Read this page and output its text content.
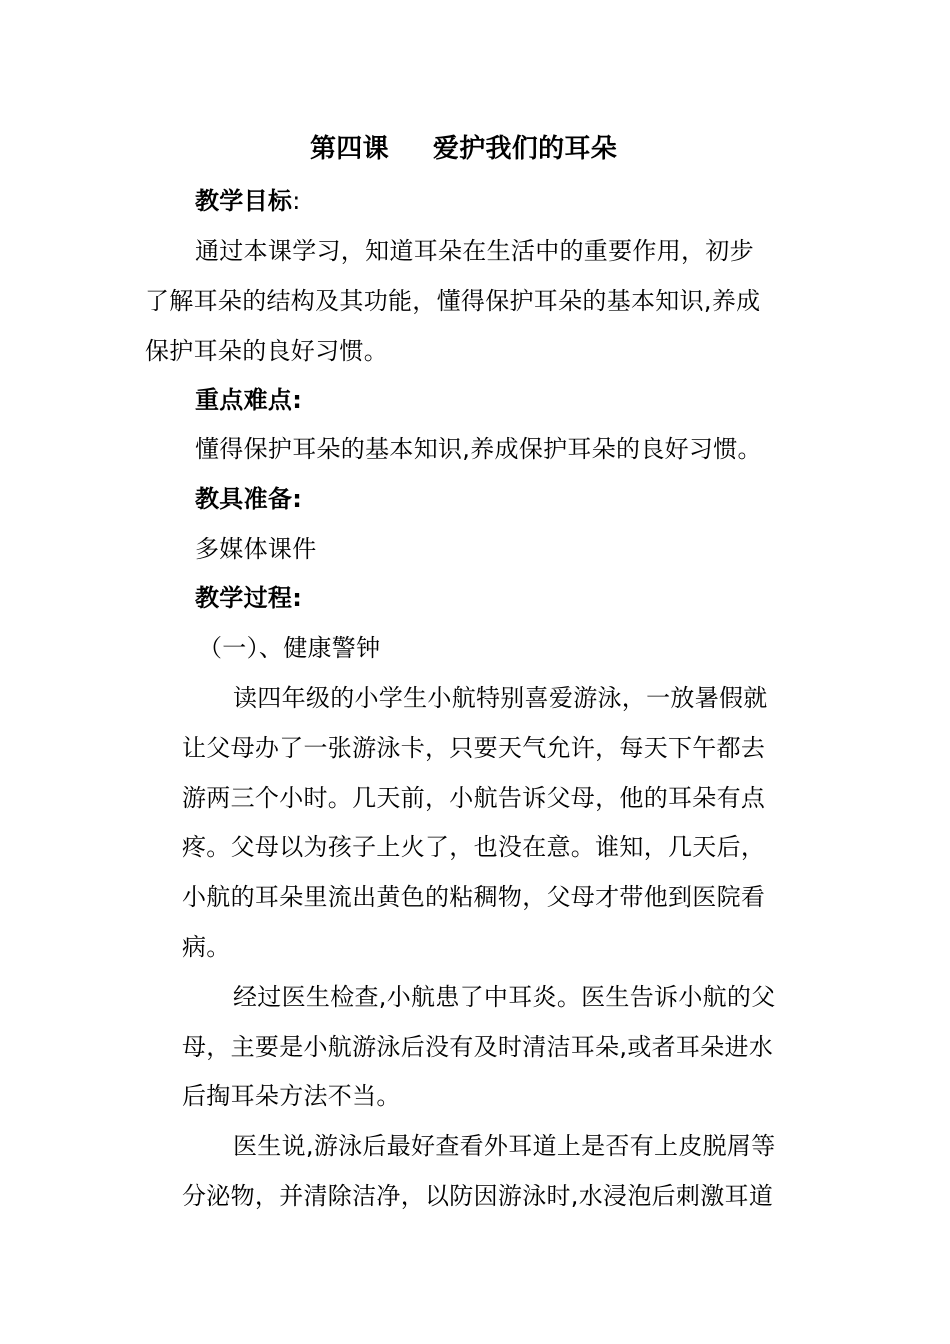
第四课 爱护我们的耳朵
教学目标:
通过本课学习，知道耳朵在生活中的重要作用，初步
了解耳朵的结构及其功能，懂得保护耳朵的基本知识,养成
保护耳朵的良好习惯。
重点难点:
懂得保护耳朵的基本知识,养成保护耳朵的良好习惯。
教具准备:
多媒体课件
教学过程:
（一）、健康警钟
读四年级的小学生小航特别喜爱游泳，一放暑假就
让父母办了一张游泳卡，只要天气允许，每天下午都去
游两三个小时。几天前，小航告诉父母，他的耳朵有点
疼。父母以为孩子上火了，也没在意。谁知，几天后，
小航的耳朵里流出黄色的粘稠物，父母才带他到医院看
病。
经过医生检查,小航患了中耳炎。医生告诉小航的父
母，主要是小航游泳后没有及时清洁耳朵,或者耳朵进水
后掏耳朵方法不当。
医生说,游泳后最好查看外耳道上是否有上皮脱屑等
分泌物，并清除洁净，以防因游泳时,水浸泡后刺激耳道
